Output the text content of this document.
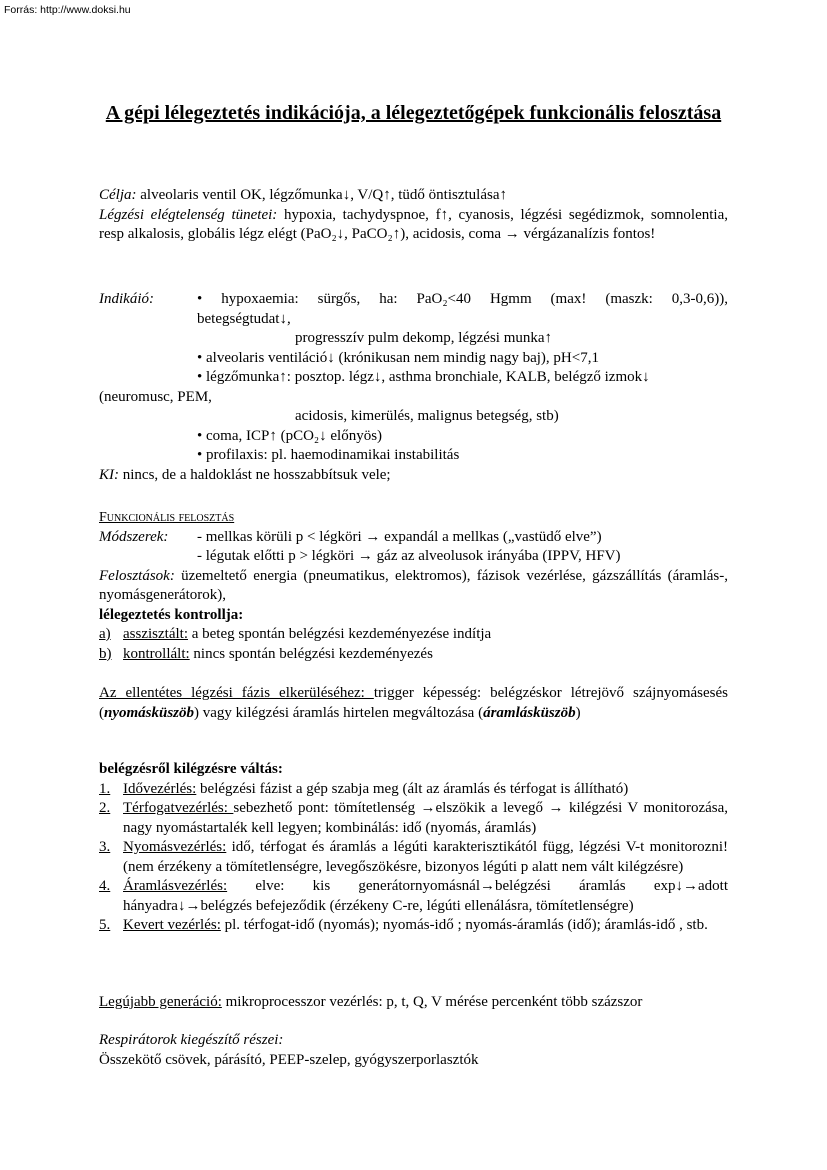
Forrás: http://www.doksi.hu
A gépi lélegeztetés indikációja, a lélegeztetőgépek funkcionális felosztása

Célja: alveolaris ventil OK, légzőmunka↓, V/Q↑, tüdő öntisztulása↑

Légzési elégtelenség tünetei: hypoxia, tachydyspnoe, f↑, cyanosis, légzési segédizmok, somnolentia, resp alkalosis, globális légz elégt (PaO₂↓, PaCO₂↑), acidosis, coma → vérgázanalízis fontos!

Indikáió:	• hypoxaemia: sürgős, ha: PaO₂<40 Hgmm (max! (maszk: 0,3-0,6)),

betegségtudat↓,

progresszív pulm dekomp, légzési munka↑

• alveolaris ventiláció↓ (krónikusan nem mindig nagy baj), pH<7,1

• légzőmunka↑: posztop. légz↓, asthma bronchiale, KALB, belégző izmok↓

(neuromusc, PEM,

acidosis, kimerülés, malignus betegség, stb)

• coma, ICP↑ (pCO₂↓ előnyös)

• profilaxis: pl. haemodinamikai instabilitás

KI: nincs, de a haldoklást ne hosszabbítsuk vele;

Funkcionális felosztás

Módszerek:	- mellkas körüli p < légköri → expandál a mellkas („vastüdő elve”)

- légutak előtti p > légköri → gáz az alveolusok irányába (IPPV, HFV)

Felosztások: üzemeltető energia (pneumatikus, elektromos), fázisok vezérlése, gázszállítás (áramlás-, nyomásgenerátorok),

lélegeztetés kontrollja:

a) asszisztált: a beteg spontán belégzési kezdeményezése indítja
b) kontrollált: nincs spontán belégzési kezdeményezés

Az ellentétes légzési fázis elkerüléséhez: trigger képesség: belégzéskor létrejövő szájnyomásesés (nyomásküszöb) vagy kilégzési áramlás hirtelen megváltozása (áramlásküszöb)

belégzésről kilégzésre váltás:

1. Idővezérlés: belégzési fázist a gép szabja meg (ált az áramlás és térfogat is állítható)

2. Térfogatvezérlés: sebezhető pont: tömítetlenség →elszökik a levegő → kilégzési V monitorozása, nagy nyomástartalék kell legyen; kombinálás: idő (nyomás, áramlás)

3. Nyomásvezérlés: idő, térfogat és áramlás a légúti karakterisztikától függ, légzési V-t monitorozni!(nem érzékeny a tömítetlenségre, levegőszökésre, bizonyos légúti p alatt nem vált kilégzésre)

4. Áramlásvezérlés: elve: kis generátornyomásnál→belégzési áramlás exp↓→adott hányadra↓→belégzés befejeződik (érzékeny C-re, légúti ellenálásra, tömítetlenségre)

5. Kevert vezérlés: pl. térfogat-idő (nyomás); nyomás-idő ; nyomás-áramlás (idő); áramlás-idő , stb.

Legújabb generáció: mikroprocesszor vezérlés: p, t, Q, V mérése percenként több százszor

Respirátorok kiegészítő részei:

Összekötő csövek, párásító, PEEP-szelep, gyógyszerporlasztók
